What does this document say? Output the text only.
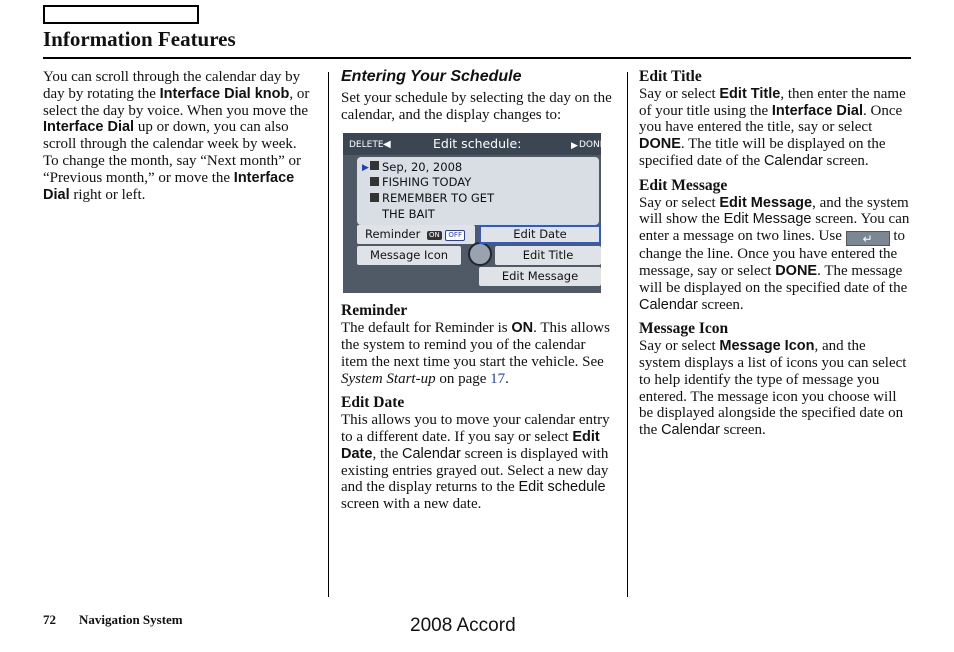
Information Features
You can scroll through the calendar day by day by rotating the Interface Dial knob, or select the day by voice. When you move the Interface Dial up or down, you can also scroll through the calendar week by week. To change the month, say “Next month” or “Previous month,” or move the Interface Dial right or left.
Entering Your Schedule
Set your schedule by selecting the day on the calendar, and the display changes to:
DELETE ◀	▶ DONE
Edit schedule:
▶ Sep, 20, 2008
FISHING TODAY
REMEMBER TO GET
THE BAIT
Reminder ON OFF
Message Icon
Edit Date
Edit Title
Edit Message
Reminder
The default for Reminder is ON. This allows the system to remind you of the calendar item the next time you start the vehicle. See System Start-up on page 17.
Edit Date
This allows you to move your calendar entry to a different date. If you say or select Edit Date, the Calendar screen is displayed with existing entries grayed out. Select a new day and the display returns to the Edit schedule screen with a new date.
Edit Title
Say or select Edit Title, then enter the name of your title using the Interface Dial. Once you have entered the title, say or select DONE. The title will be displayed on the specified date of the Calendar screen.
Edit Message
Say or select Edit Message, and the system will show the Edit Message screen. You can enter a message on two lines. Use ↵ to change the line. Once you have entered the message, say or select DONE. The message will be displayed on the specified date of the Calendar screen.
Message Icon
Say or select Message Icon, and the system displays a list of icons you can select to help identify the type of message you entered. The message icon you choose will be displayed alongside the specified date on the Calendar screen.
72 Navigation System	2008 Accord
